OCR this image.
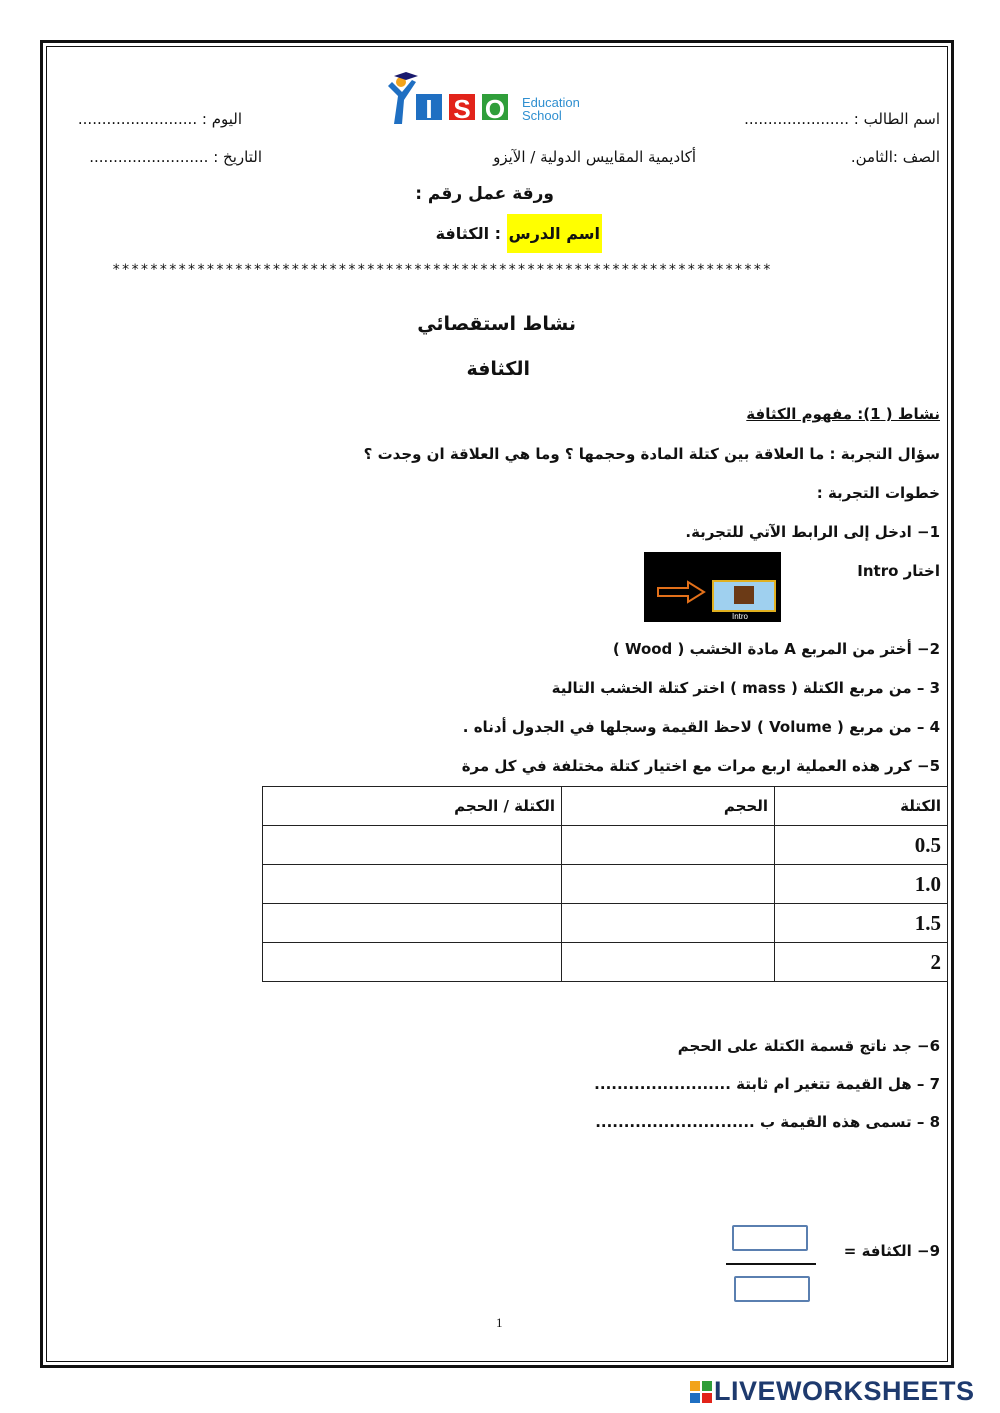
I S O	Education
School	اسم الطالب : ......................
اليوم : .........................
الصف :الثامن.
أكاديمية المقاييس الدولية / الآيزو
التاريخ : .........................
ورقة عمل رقم :
اسم الدرس : الكثافة
**********************************************************************
نشاط استقصائي
الكثافة
نشاط ( 1): مفهوم الكثافة
سؤال التجربة : ما العلاقة بين كتلة المادة وحجمها ؟ وما هي العلاقة ان وجدت ؟
خطوات التجربة :
1− ادخل إلى الرابط الآتي للتجربة.
اختار Intro
Intro
2− أختر من المربع A مادة الخشب ( Wood )
3 – من مربع الكتلة ( mass ) اختر كتلة الخشب التالية
4 – من مربع ( Volume ) لاحظ القيمة وسجلها في الجدول أدناه .
5− كرر هذه العملية اربع مرات مع اختيار كتلة مختلفة في كل مرة
الكتلة	الحجم	الكتلة / الحجم
0.5		
1.0		
1.5		
2		
6− جد ناتج قسمة الكتلة على الحجم
7 – هل القيمة تتغير ام ثابتة ........................
8 – تسمى هذه القيمة ب ............................
9− الكثافة =
1
LIVEWORKSHEETS
